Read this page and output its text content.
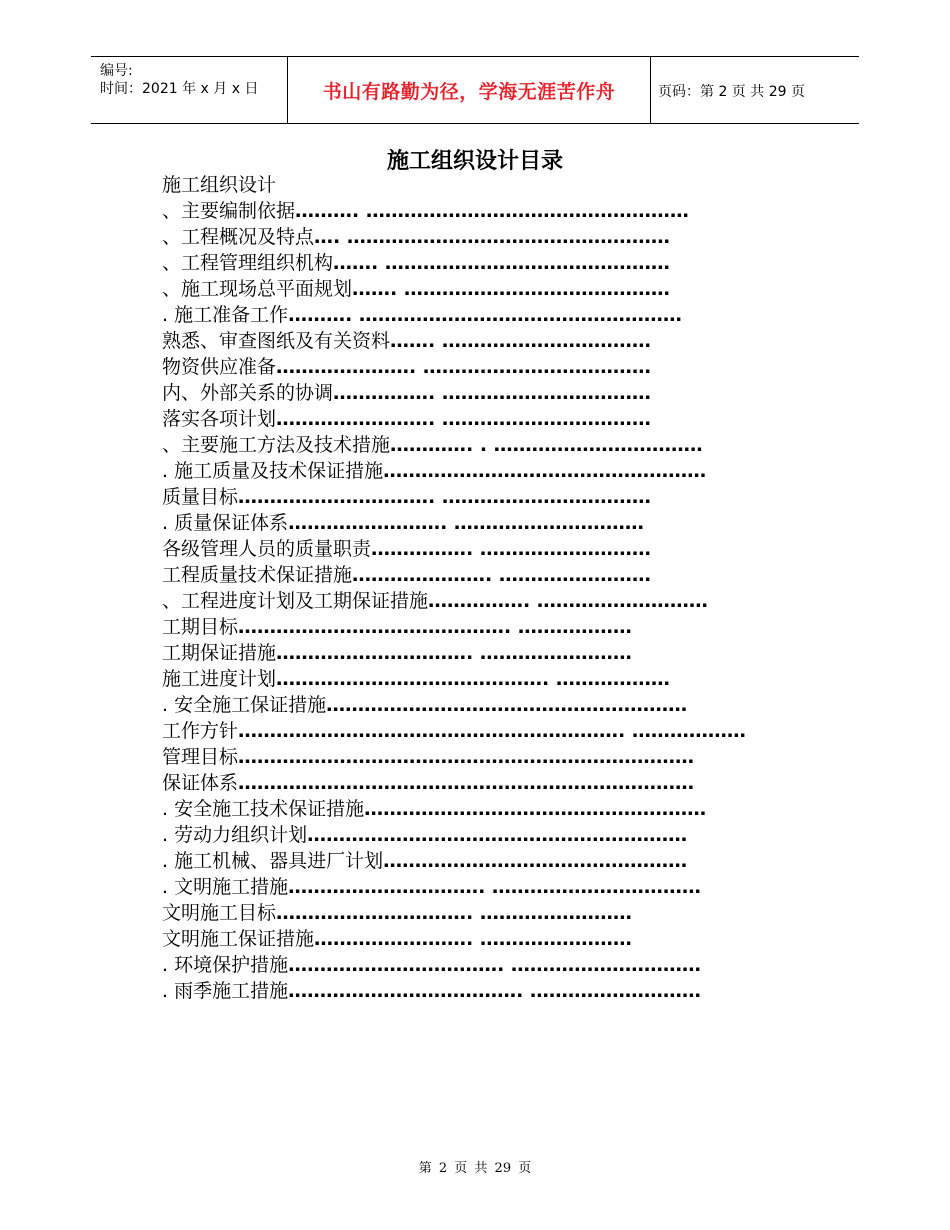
编号:
时间：2021 年 x 月 x 日	书山有路勤为径，学海无涯苦作舟	页码：第 2 页 共 29 页
施工组织设计目录
施工组织设计
、主要编制依据………. ……………………………………………
、工程概况及特点…. ……………………………………………
、工程管理组织机构……. ………………………………………
、施工现场总平面规划……. ……………………………………
. 施工准备工作………. ……………………………………………
熟悉、审查图纸及有关资料……. ……………………………
物资供应准备…………………. ………………………………
内、外部关系的协调……………. ……………………………
落实各项计划……………………. ……………………………
、主要施工方法及技术措施…………. . ……………………………
. 施工质量及技术保证措施……………………………………………
质量目标…………………………. ……………………………
. 质量保证体系……………………. …………………………
各级管理人员的质量职责……………. ………………………
工程质量技术保证措施…………………. ……………………
、工程进度计划及工期保证措施……………. ………………………
工期目标……………………………………. ………………
工期保证措施…………………………. ……………………
施工进度计划……………………………………. ………………
. 安全施工保证措施…………………………………………………
工作方针……………………………………………………. ………………
管理目标………………………………………………………………
保证体系………………………………………………………………
. 安全施工技术保证措施………………………………………………
. 劳动力组织计划……………………………………………………
. 施工机械、器具进厂计划…………………………………………
. 文明施工措施…………………………. ……………………………
文明施工目标…………………………. ……………………
文明施工保证措施……………………. ……………………
. 环境保护措施……………………………. …………………………
. 雨季施工措施………………………………. ………………………
第 2 页 共 29 页
